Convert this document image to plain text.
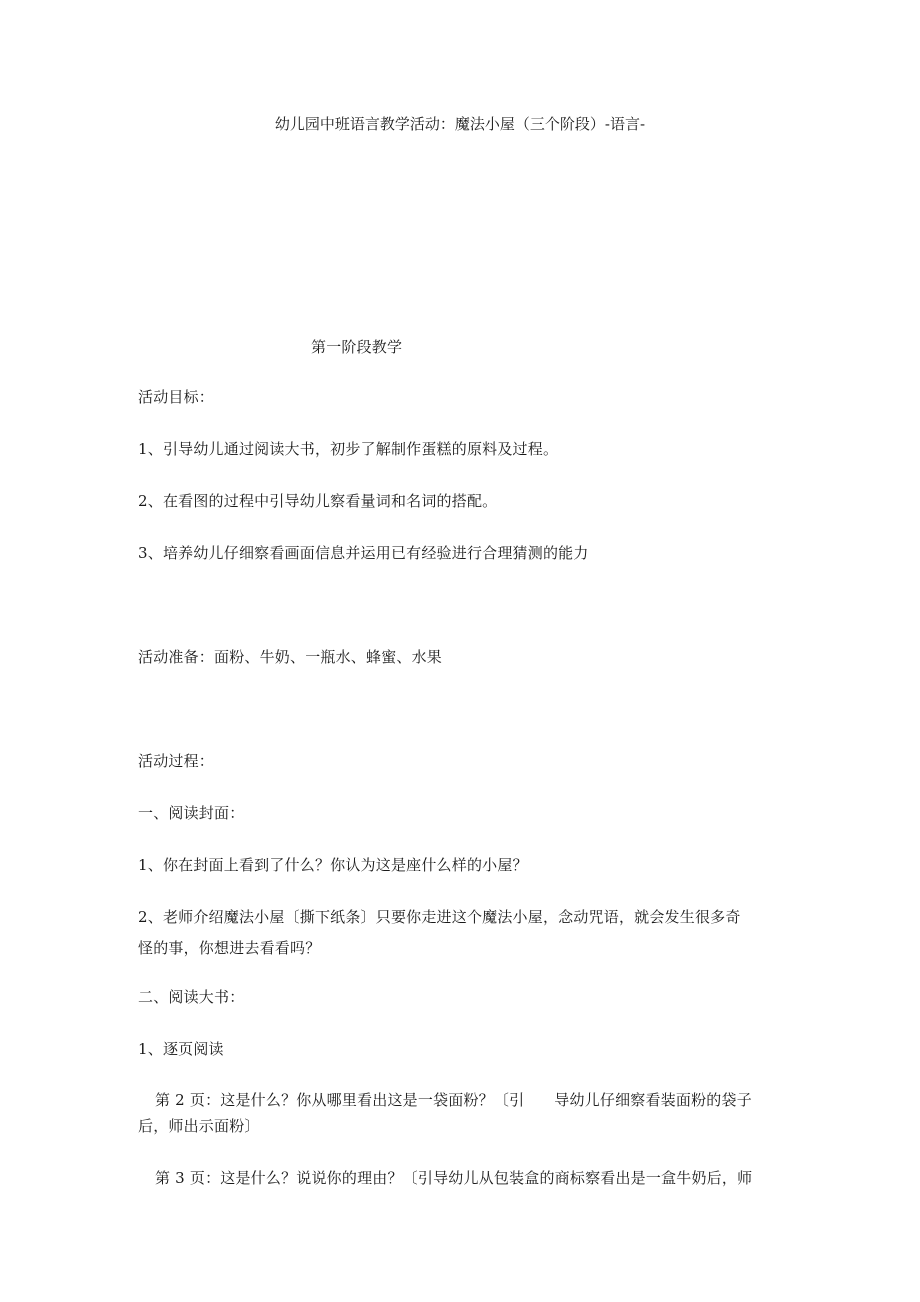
幼儿园中班语言教学活动：魔法小屋（三个阶段）-语言-
第一阶段教学
活动目标：
1、引导幼儿通过阅读大书，初步了解制作蛋糕的原料及过程。
2、在看图的过程中引导幼儿察看量词和名词的搭配。
3、培养幼儿仔细察看画面信息并运用已有经验进行合理猜测的能力
活动准备：面粉、牛奶、一瓶水、蜂蜜、水果
活动过程：
一、阅读封面：
1、你在封面上看到了什么？你认为这是座什么样的小屋？
2、老师介绍魔法小屋〔撕下纸条〕只要你走进这个魔法小屋，念动咒语，就会发生很多奇
怪的事，你想进去看看吗？
二、阅读大书：
1、逐页阅读
第 2 页：这是什么？你从哪里看出这是一袋面粉？〔引 导幼儿仔细察看装面粉的袋子
后，师出示面粉〕
第 3 页：这是什么？说说你的理由？〔引导幼儿从包装盒的商标察看出是一盒牛奶后，师
